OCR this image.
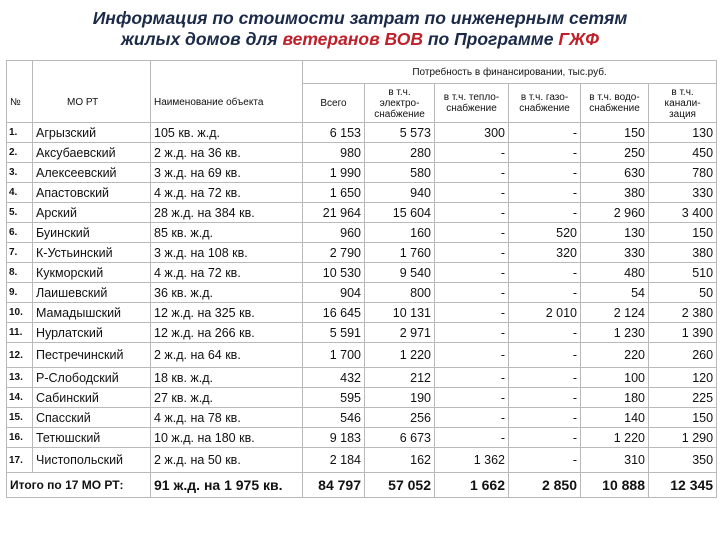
Информация по стоимости затрат по инженерным сетям
жилых домов для ветеранов ВОВ по Программе ГЖФ
№	МО РТ	Наименование объекта	Потребность в финансировании, тыс.руб.					
			Всего	в т.ч. электро-снабжение	в т.ч. тепло-снабжение	в т.ч. газо-снабжение	в т.ч. водо-снабжение	в т.ч. канали-зация
1.	Агрызский	105 кв. ж.д.	6 153	5 573	300	-	150	130
2.	Аксубаевский	2 ж.д. на 36 кв.	980	280	-	-	250	450
3.	Алексеевский	3 ж.д. на 69 кв.	1 990	580	-	-	630	780
4.	Апастовский	4 ж.д. на 72 кв.	1 650	940	-	-	380	330
5.	Арский	28 ж.д. на 384 кв.	21 964	15 604	-	-	2 960	3 400
6.	Буинский	85 кв. ж.д.	960	160	-	520	130	150
7.	К-Устьинский	3 ж.д. на 108 кв.	2 790	1 760	-	320	330	380
8.	Кукморский	4 ж.д. на 72 кв.	10 530	9 540	-	-	480	510
9.	Лаишевский	36 кв. ж.д.	904	800	-	-	54	50
10.	Мамадышский	12 ж.д. на 325 кв.	16 645	10 131	-	2 010	2 124	2 380
11.	Нурлатский	12 ж.д. на 266 кв.	5 591	2 971	-	-	1 230	1 390
12.	Пестречинский	2 ж.д. на 64 кв.	1 700	1 220	-	-	220	260
13.	Р-Слободский	18 кв. ж.д.	432	212	-	-	100	120
14.	Сабинский	27 кв. ж.д.	595	190	-	-	180	225
15.	Спасский	4 ж.д. на 78 кв.	546	256	-	-	140	150
16.	Тетюшский	10 ж.д. на 180 кв.	9 183	6 673	-	-	1 220	1 290
17.	Чистопольский	2 ж.д. на 50 кв.	2 184	162	1 362	-	310	350
Итого по 17 МО РТ:		91 ж.д. на 1 975 кв.	84 797	57 052	1 662	2 850	10 888	12 345
